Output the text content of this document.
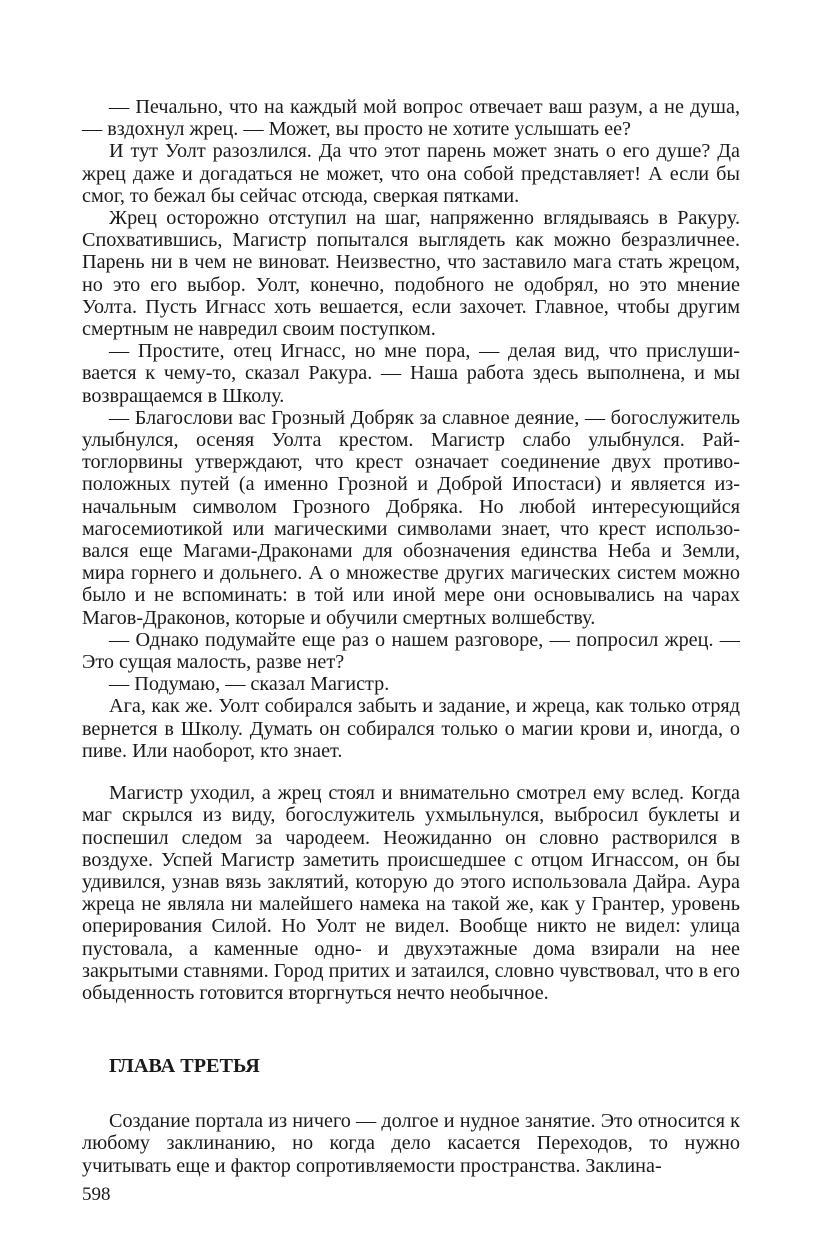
— Печально, что на каждый мой вопрос отвечает ваш разум, а не душа, — вздохнул жрец. — Может, вы просто не хотите услышать ее?

И тут Уолт разозлился. Да что этот парень может знать о его душе? Да жрец даже и догадаться не может, что она собой представляет! А если бы смог, то бежал бы сейчас отсюда, сверкая пятками.

Жрец осторожно отступил на шаг, напряженно вглядываясь в Ракуру. Спохватившись, Магистр попытался выглядеть как можно безразличнее. Парень ни в чем не виноват. Неизвестно, что заставило мага стать жрецом, но это его выбор. Уолт, конечно, подобного не одобрял, но это мнение Уолта. Пусть Игнасс хоть вешается, если захочет. Главное, чтобы другим смертным не навредил своим поступком.

— Простите, отец Игнасс, но мне пора, — делая вид, что прислушивается к чему-то, сказал Ракура. — Наша работа здесь выполнена, и мы возвращаемся в Школу.

— Благослови вас Грозный Добряк за славное деяние, — богослужитель улыбнулся, осеняя Уолта крестом. Магистр слабо улыбнулся. Райтоглорвины утверждают, что крест означает соединение двух противоположных путей (а именно Грозной и Доброй Ипостаси) и является изначальным символом Грозного Добряка. Но любой интересующийся магосемиотикой или магическими символами знает, что крест использовался еще Магами-Драконами для обозначения единства Неба и Земли, мира горнего и дольнего. А о множестве других магических систем можно было и не вспоминать: в той или иной мере они основывались на чарах Магов-Драконов, которые и обучили смертных волшебству.

— Однако подумайте еще раз о нашем разговоре, — попросил жрец. — Это сущая малость, разве нет?

— Подумаю, — сказал Магистр.

Ага, как же. Уолт собирался забыть и задание, и жреца, как только отряд вернется в Школу. Думать он собирался только о магии крови и, иногда, о пиве. Или наоборот, кто знает.

Магистр уходил, а жрец стоял и внимательно смотрел ему вслед. Когда маг скрылся из виду, богослужитель ухмыльнулся, выбросил буклеты и поспешил следом за чародеем. Неожиданно он словно растворился в воздухе. Успей Магистр заметить происшедшее с отцом Игнассом, он бы удивился, узнав вязь заклятий, которую до этого использовала Дайра. Аура жреца не являла ни малейшего намека на такой же, как у Грантер, уровень оперирования Силой. Но Уолт не видел. Вообще никто не видел: улица пустовала, а каменные одно- и двухэтажные дома взирали на нее закрытыми ставнями. Город притих и затаился, словно чувствовал, что в его обыденность готовится вторгнуться нечто необычное.

ГЛАВА ТРЕТЬЯ

Создание портала из ничего — долгое и нудное занятие. Это относится к любому заклинанию, но когда дело касается Переходов, то нужно учитывать еще и фактор сопротивляемости пространства. Заклина-

598
